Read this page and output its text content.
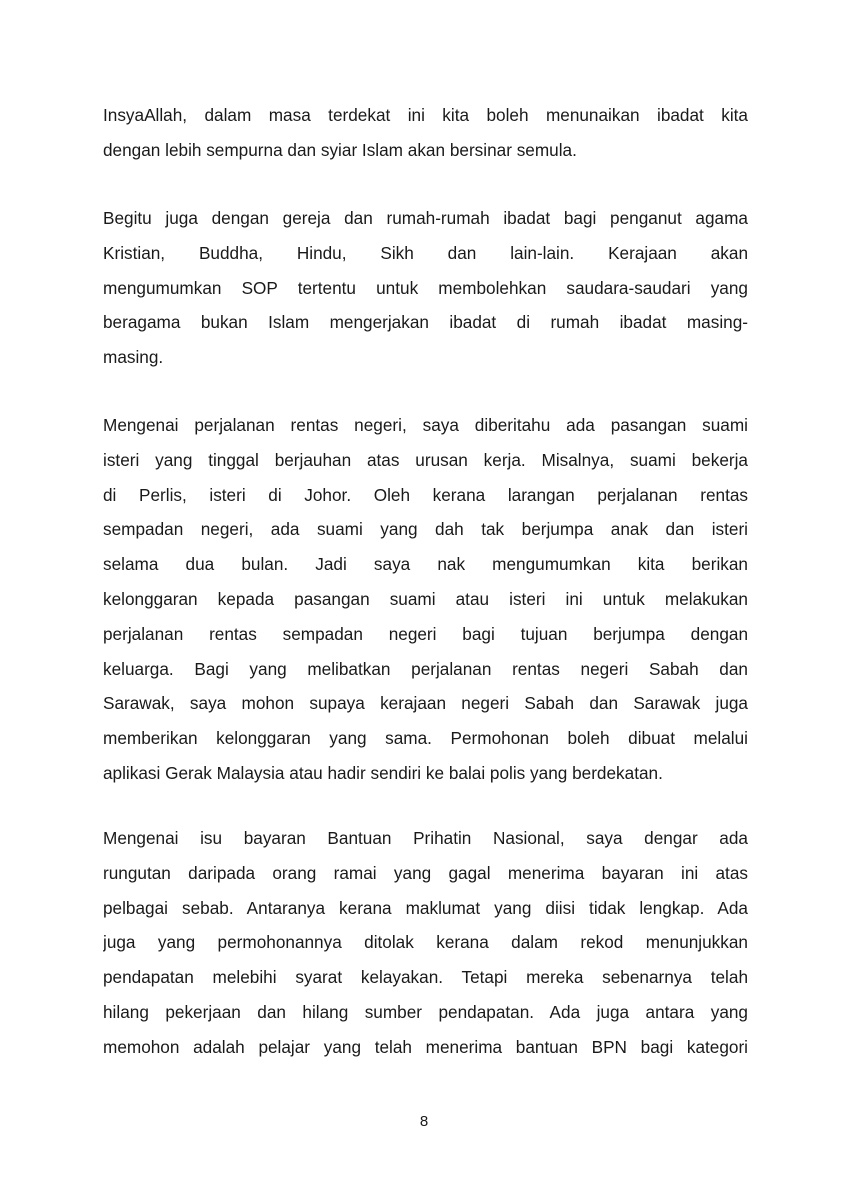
InsyaAllah, dalam masa terdekat ini kita boleh menunaikan ibadat kita
dengan lebih sempurna dan syiar Islam akan bersinar semula.

Begitu juga dengan gereja dan rumah-rumah ibadat bagi penganut agama
Kristian, Buddha, Hindu, Sikh dan lain-lain. Kerajaan akan
mengumumkan SOP tertentu untuk membolehkan saudara-saudari yang
beragama bukan Islam mengerjakan ibadat di rumah ibadat masing-
masing.

Mengenai perjalanan rentas negeri, saya diberitahu ada pasangan suami
isteri yang tinggal berjauhan atas urusan kerja. Misalnya, suami bekerja
di Perlis, isteri di Johor. Oleh kerana larangan perjalanan rentas
sempadan negeri, ada suami yang dah tak berjumpa anak dan isteri
selama dua bulan. Jadi saya nak mengumumkan kita berikan
kelonggaran kepada pasangan suami atau isteri ini untuk melakukan
perjalanan rentas sempadan negeri bagi tujuan berjumpa dengan
keluarga. Bagi yang melibatkan perjalanan rentas negeri Sabah dan
Sarawak, saya mohon supaya kerajaan negeri Sabah dan Sarawak juga
memberikan kelonggaran yang sama. Permohonan boleh dibuat melalui
aplikasi Gerak Malaysia atau hadir sendiri ke balai polis yang berdekatan.

Mengenai isu bayaran Bantuan Prihatin Nasional, saya dengar ada
rungutan daripada orang ramai yang gagal menerima bayaran ini atas
pelbagai sebab. Antaranya kerana maklumat yang diisi tidak lengkap. Ada
juga yang permohonannya ditolak kerana dalam rekod menunjukkan
pendapatan melebihi syarat kelayakan. Tetapi mereka sebenarnya telah
hilang pekerjaan dan hilang sumber pendapatan. Ada juga antara yang
memohon adalah pelajar yang telah menerima bantuan BPN bagi kategori

8
